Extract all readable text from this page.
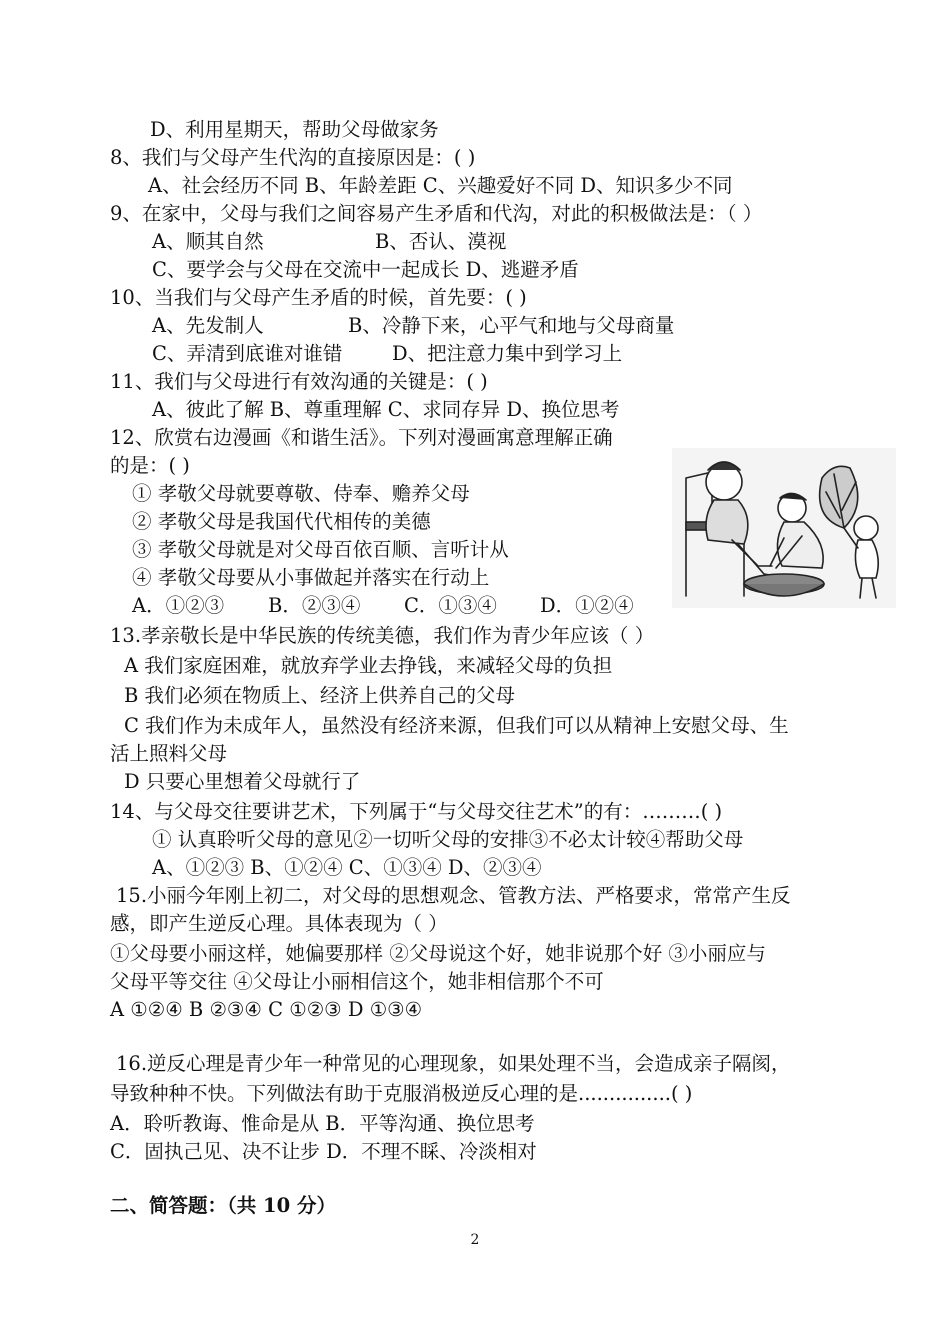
D、利用星期天，帮助父母做家务
8、我们与父母产生代沟的直接原因是：( )
A、社会经历不同 B、年龄差距 C、兴趣爱好不同 D、知识多少不同
9、在家中，父母与我们之间容易产生矛盾和代沟，对此的积极做法是：（ ）
A、顺其自然	B、否认、漠视
C、要学会与父母在交流中一起成长 D、逃避矛盾
10、当我们与父母产生矛盾的时候，首先要：( )
A、先发制人	B、冷静下来，心平气和地与父母商量
C、弄清到底谁对谁错	D、把注意力集中到学习上
11、我们与父母进行有效沟通的关键是：( )
A、彼此了解 B、尊重理解 C、求同存异 D、换位思考
12、欣赏右边漫画《和谐生活》。下列对漫画寓意理解正确
的是：( )
① 孝敬父母就要尊敬、侍奉、赡养父母
② 孝敬父母是我国代代相传的美德
③ 孝敬父母就是对父母百依百顺、言听计从
④ 孝敬父母要从小事做起并落实在行动上
A．①②③ B．②③④ C．①③④ D．①②④
13.孝亲敬长是中华民族的传统美德，我们作为青少年应该（ ）
A 我们家庭困难，就放弃学业去挣钱，来减轻父母的负担
B 我们必须在物质上、经济上供养自己的父母
C 我们作为未成年人，虽然没有经济来源，但我们可以从精神上安慰父母、生
活上照料父母
D 只要心里想着父母就行了
14、与父母交往要讲艺术，下列属于“与父母交往艺术”的有：………( )
① 认真聆听父母的意见②一切听父母的安排③不必太计较④帮助父母
A、①②③ B、①②④ C、①③④ D、②③④
15.小丽今年刚上初二，对父母的思想观念、管教方法、严格要求，常常产生反
感，即产生逆反心理。具体表现为（ ）
①父母要小丽这样，她偏要那样 ②父母说这个好，她非说那个好 ③小丽应与
父母平等交往 ④父母让小丽相信这个，她非相信那个不可
A ①②④ B ②③④ C ①②③ D ①③④
16.逆反心理是青少年一种常见的心理现象，如果处理不当，会造成亲子隔阂，
导致种种不快。下列做法有助于克服消极逆反心理的是...............( )
A．聆听教诲、惟命是从 B．平等沟通、换位思考
C．固执己见、决不让步 D．不理不睬、冷淡相对
二、简答题：（共 10 分）
2
